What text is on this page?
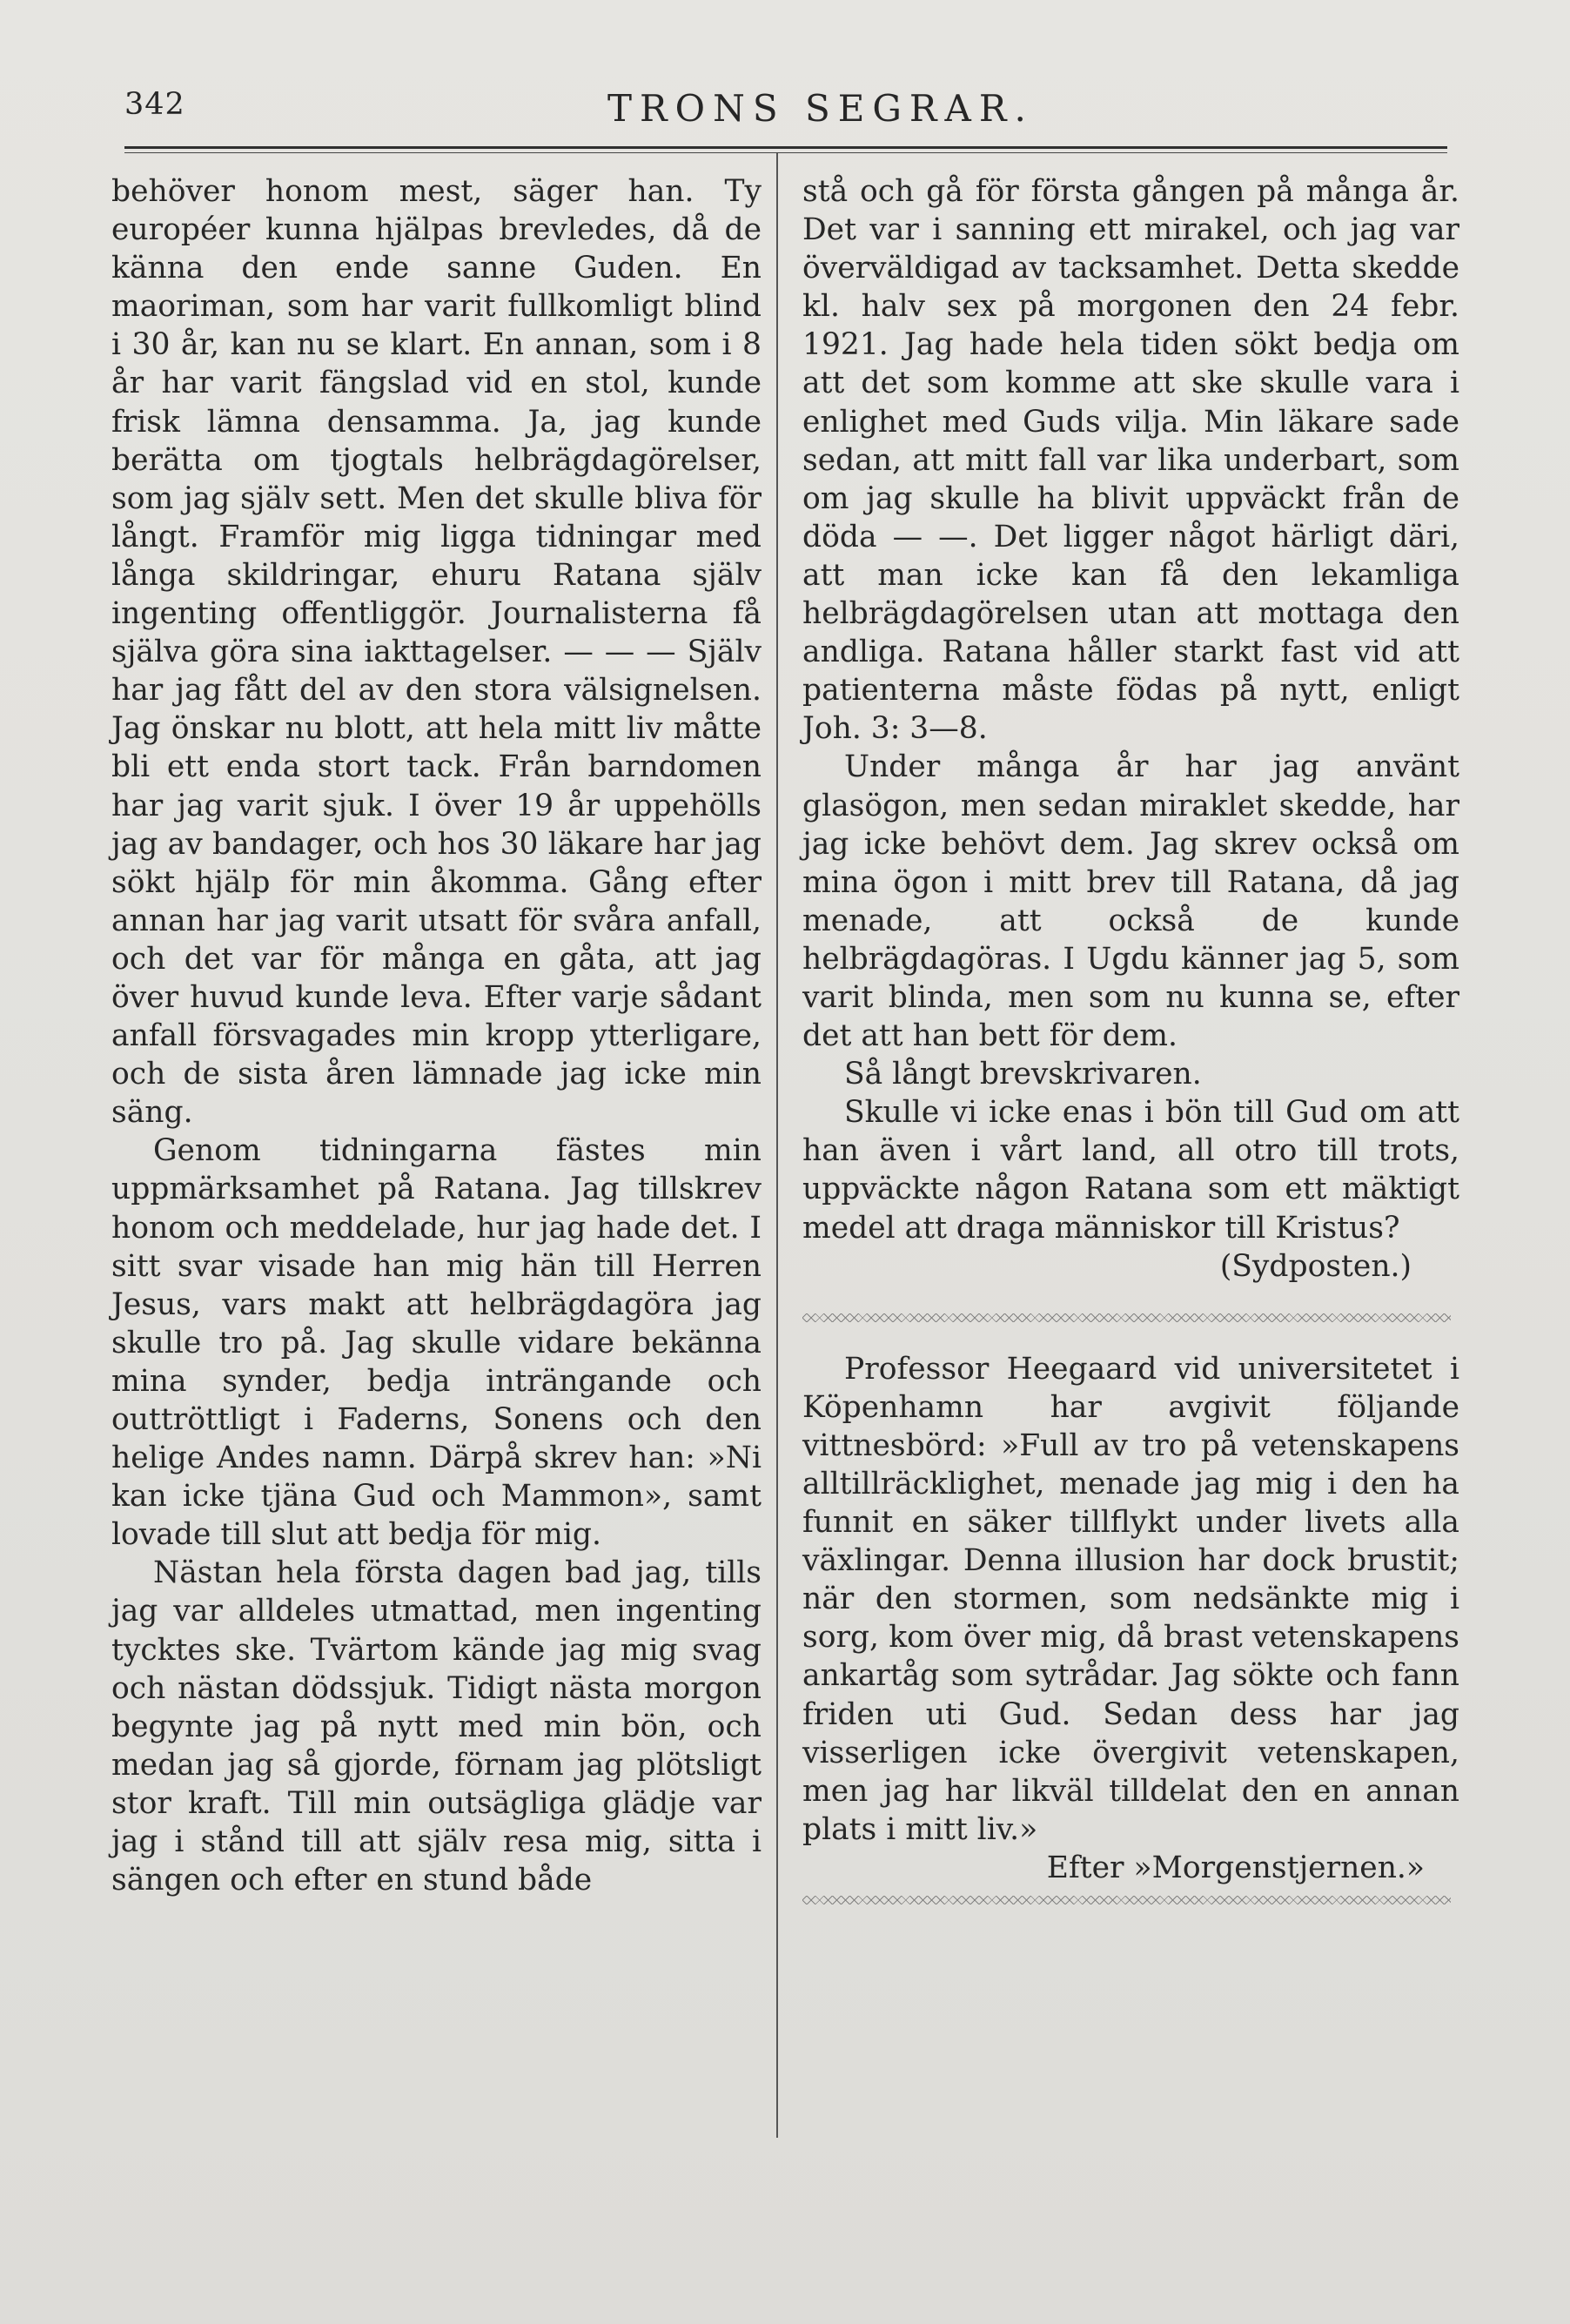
342	TRONS SEGRAR.

behöver honom mest, säger han. Ty européer kunna hjälpas brevledes, då de känna den ende sanne Guden. En maoriman, som har varit fullkomligt blind i 30 år, kan nu se klart. En annan, som i 8 år har varit fängslad vid en stol, kunde frisk lämna densamma. Ja, jag kunde berätta om tjogtals helbrägdagörelser, som jag själv sett. Men det skulle bliva för långt. Framför mig ligga tidningar med långa skildringar, ehuru Ratana själv ingenting offentliggör. Journalisterna få själva göra sina iakttagelser. — — — Själv har jag fått del av den stora välsignelsen. Jag önskar nu blott, att hela mitt liv måtte bli ett enda stort tack. Från barndomen har jag varit sjuk. I över 19 år uppehölls jag av bandager, och hos 30 läkare har jag sökt hjälp för min åkomma. Gång efter annan har jag varit utsatt för svåra anfall, och det var för många en gåta, att jag över huvud kunde leva. Efter varje sådant anfall försvagades min kropp ytterligare, och de sista åren lämnade jag icke min säng.

Genom tidningarna fästes min uppmärksamhet på Ratana. Jag tillskrev honom och meddelade, hur jag hade det. I sitt svar visade han mig hän till Herren Jesus, vars makt att helbrägdagöra jag skulle tro på. Jag skulle vidare bekänna mina synder, bedja inträngande och outtröttligt i Faderns, Sonens och den helige Andes namn. Därpå skrev han: »Ni kan icke tjäna Gud och Mammon», samt lovade till slut att bedja för mig.

Nästan hela första dagen bad jag, tills jag var alldeles utmattad, men ingenting tycktes ske. Tvärtom kände jag mig svag och nästan dödssjuk. Tidigt nästa morgon begynte jag på nytt med min bön, och medan jag så gjorde, förnam jag plötsligt stor kraft. Till min outsägliga glädje var jag i stånd till att själv resa mig, sitta i sängen och efter en stund både

stå och gå för första gången på många år. Det var i sanning ett mirakel, och jag var överväldigad av tacksamhet. Detta skedde kl. halv sex på morgonen den 24 febr. 1921. Jag hade hela tiden sökt bedja om att det som komme att ske skulle vara i enlighet med Guds vilja. Min läkare sade sedan, att mitt fall var lika underbart, som om jag skulle ha blivit uppväckt från de döda — —. Det ligger något härligt däri, att man icke kan få den lekamliga helbrägdagörelsen utan att mottaga den andliga. Ratana håller starkt fast vid att patienterna måste födas på nytt, enligt Joh. 3: 3—8.

Under många år har jag använt glasögon, men sedan miraklet skedde, har jag icke behövt dem. Jag skrev också om mina ögon i mitt brev till Ratana, då jag menade, att också de kunde helbrägdagöras. I Ugdu känner jag 5, som varit blinda, men som nu kunna se, efter det att han bett för dem.

Så långt brevskrivaren.

Skulle vi icke enas i bön till Gud om att han även i vårt land, all otro till trots, uppväckte någon Ratana som ett mäktigt medel att draga människor till Kristus?

(Sydposten.)

Professor Heegaard vid universitetet i Köpenhamn har avgivit följande vittnesbörd: »Full av tro på vetenskapens alltillräcklighet, menade jag mig i den ha funnit en säker tillflykt under livets alla växlingar. Denna illusion har dock brustit; när den stormen, som nedsänkte mig i sorg, kom över mig, då brast vetenskapens ankartåg som sytrådar. Jag sökte och fann friden uti Gud. Sedan dess har jag visserligen icke övergivit vetenskapen, men jag har likväl tilldelat den en annan plats i mitt liv.»

Efter »Morgenstjernen.»
